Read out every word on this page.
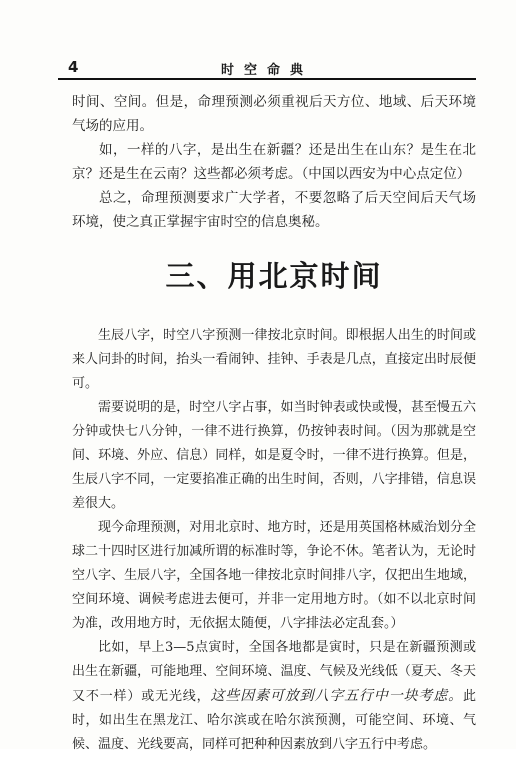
4	时空命典

时间、空间。但是，命理预测必须重视后天方位、地域、后天环境气场的应用。

如，一样的八字，是出生在新疆？还是出生在山东？是生在北京？还是生在云南？这些都必须考虑。（中国以西安为中心点定位）

总之，命理预测要求广大学者，不要忽略了后天空间后天气场环境，使之真正掌握宇宙时空的信息奥秘。

三、用北京时间

生辰八字，时空八字预测一律按北京时间。即根据人出生的时间或来人问卦的时间，抬头一看闹钟、挂钟、手表是几点，直接定出时辰便可。

需要说明的是，时空八字占事，如当时钟表或快或慢，甚至慢五六分钟或快七八分钟，一律不进行换算，仍按钟表时间。（因为那就是空间、环境、外应、信息）同样，如是夏令时，一律不进行换算。但是，生辰八字不同，一定要掐准正确的出生时间，否则，八字排错，信息误差很大。

现今命理预测，对用北京时、地方时，还是用英国格林威治划分全球二十四时区进行加减所谓的标准时等，争论不休。笔者认为，无论时空八字、生辰八字，全国各地一律按北京时间排八字，仅把出生地域，空间环境、调候考虑进去便可，并非一定用地方时。（如不以北京时间为准，改用地方时，无依据太随便，八字排法必定乱套。）

比如，早上3—5点寅时，全国各地都是寅时，只是在新疆预测或出生在新疆，可能地理、空间环境、温度、气候及光线低（夏天、冬天又不一样）或无光线，这些因素可放到八字五行中一块考虑。此时，如出生在黑龙江、哈尔滨或在哈尔滨预测，可能空间、环境、气候、温度、光线要高，同样可把种种因素放到八字五行中考虑。
